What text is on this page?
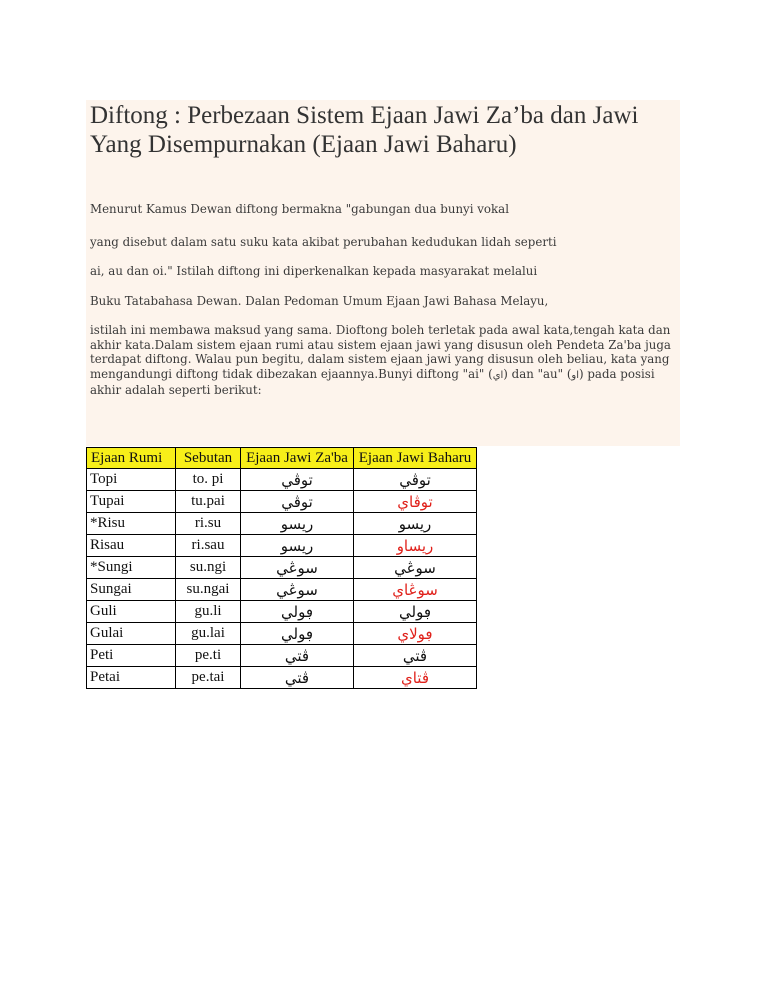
Diftong : Perbezaan Sistem Ejaan Jawi Za’ba dan Jawi Yang Disempurnakan (Ejaan Jawi Baharu)

Menurut Kamus Dewan diftong bermakna "gabungan dua bunyi vokal

yang disebut dalam satu suku kata akibat perubahan kedudukan lidah seperti

ai, au dan oi." Istilah diftong ini diperkenalkan kepada masyarakat melalui

Buku Tatabahasa Dewan. Dalan Pedoman Umum Ejaan Jawi Bahasa Melayu,

istilah ini membawa maksud yang sama. Dioftong boleh terletak pada awal kata,tengah kata dan akhir kata.Dalam sistem ejaan rumi atau sistem ejaan jawi yang disusun oleh Pendeta Za'ba juga terdapat diftong. Walau pun begitu, dalam sistem ejaan jawi yang disusun oleh beliau, kata yang mengandungi diftong tidak dibezakan ejaannya.Bunyi diftong "ai" (اي) dan "au" (او) pada posisi akhir adalah seperti berikut:

Ejaan Rumi	Sebutan	Ejaan Jawi Za'ba	Ejaan Jawi Baharu
Topi	to. pi	توڤي	توڤي
Tupai	tu.pai	توڤي	توڤاي
*Risu	ri.su	ريسو	ريسو
Risau	ri.sau	ريسو	ريساو
*Sungi	su.ngi	سوڠي	سوڠي
Sungai	su.ngai	سوڠي	سوڠاي
Guli	gu.li	ڢولي	ڢولي
Gulai	gu.lai	ڢولي	ڢولاي
Peti	pe.ti	ڤتي	ڤتي
Petai	pe.tai	ڤتي	ڤتاي
